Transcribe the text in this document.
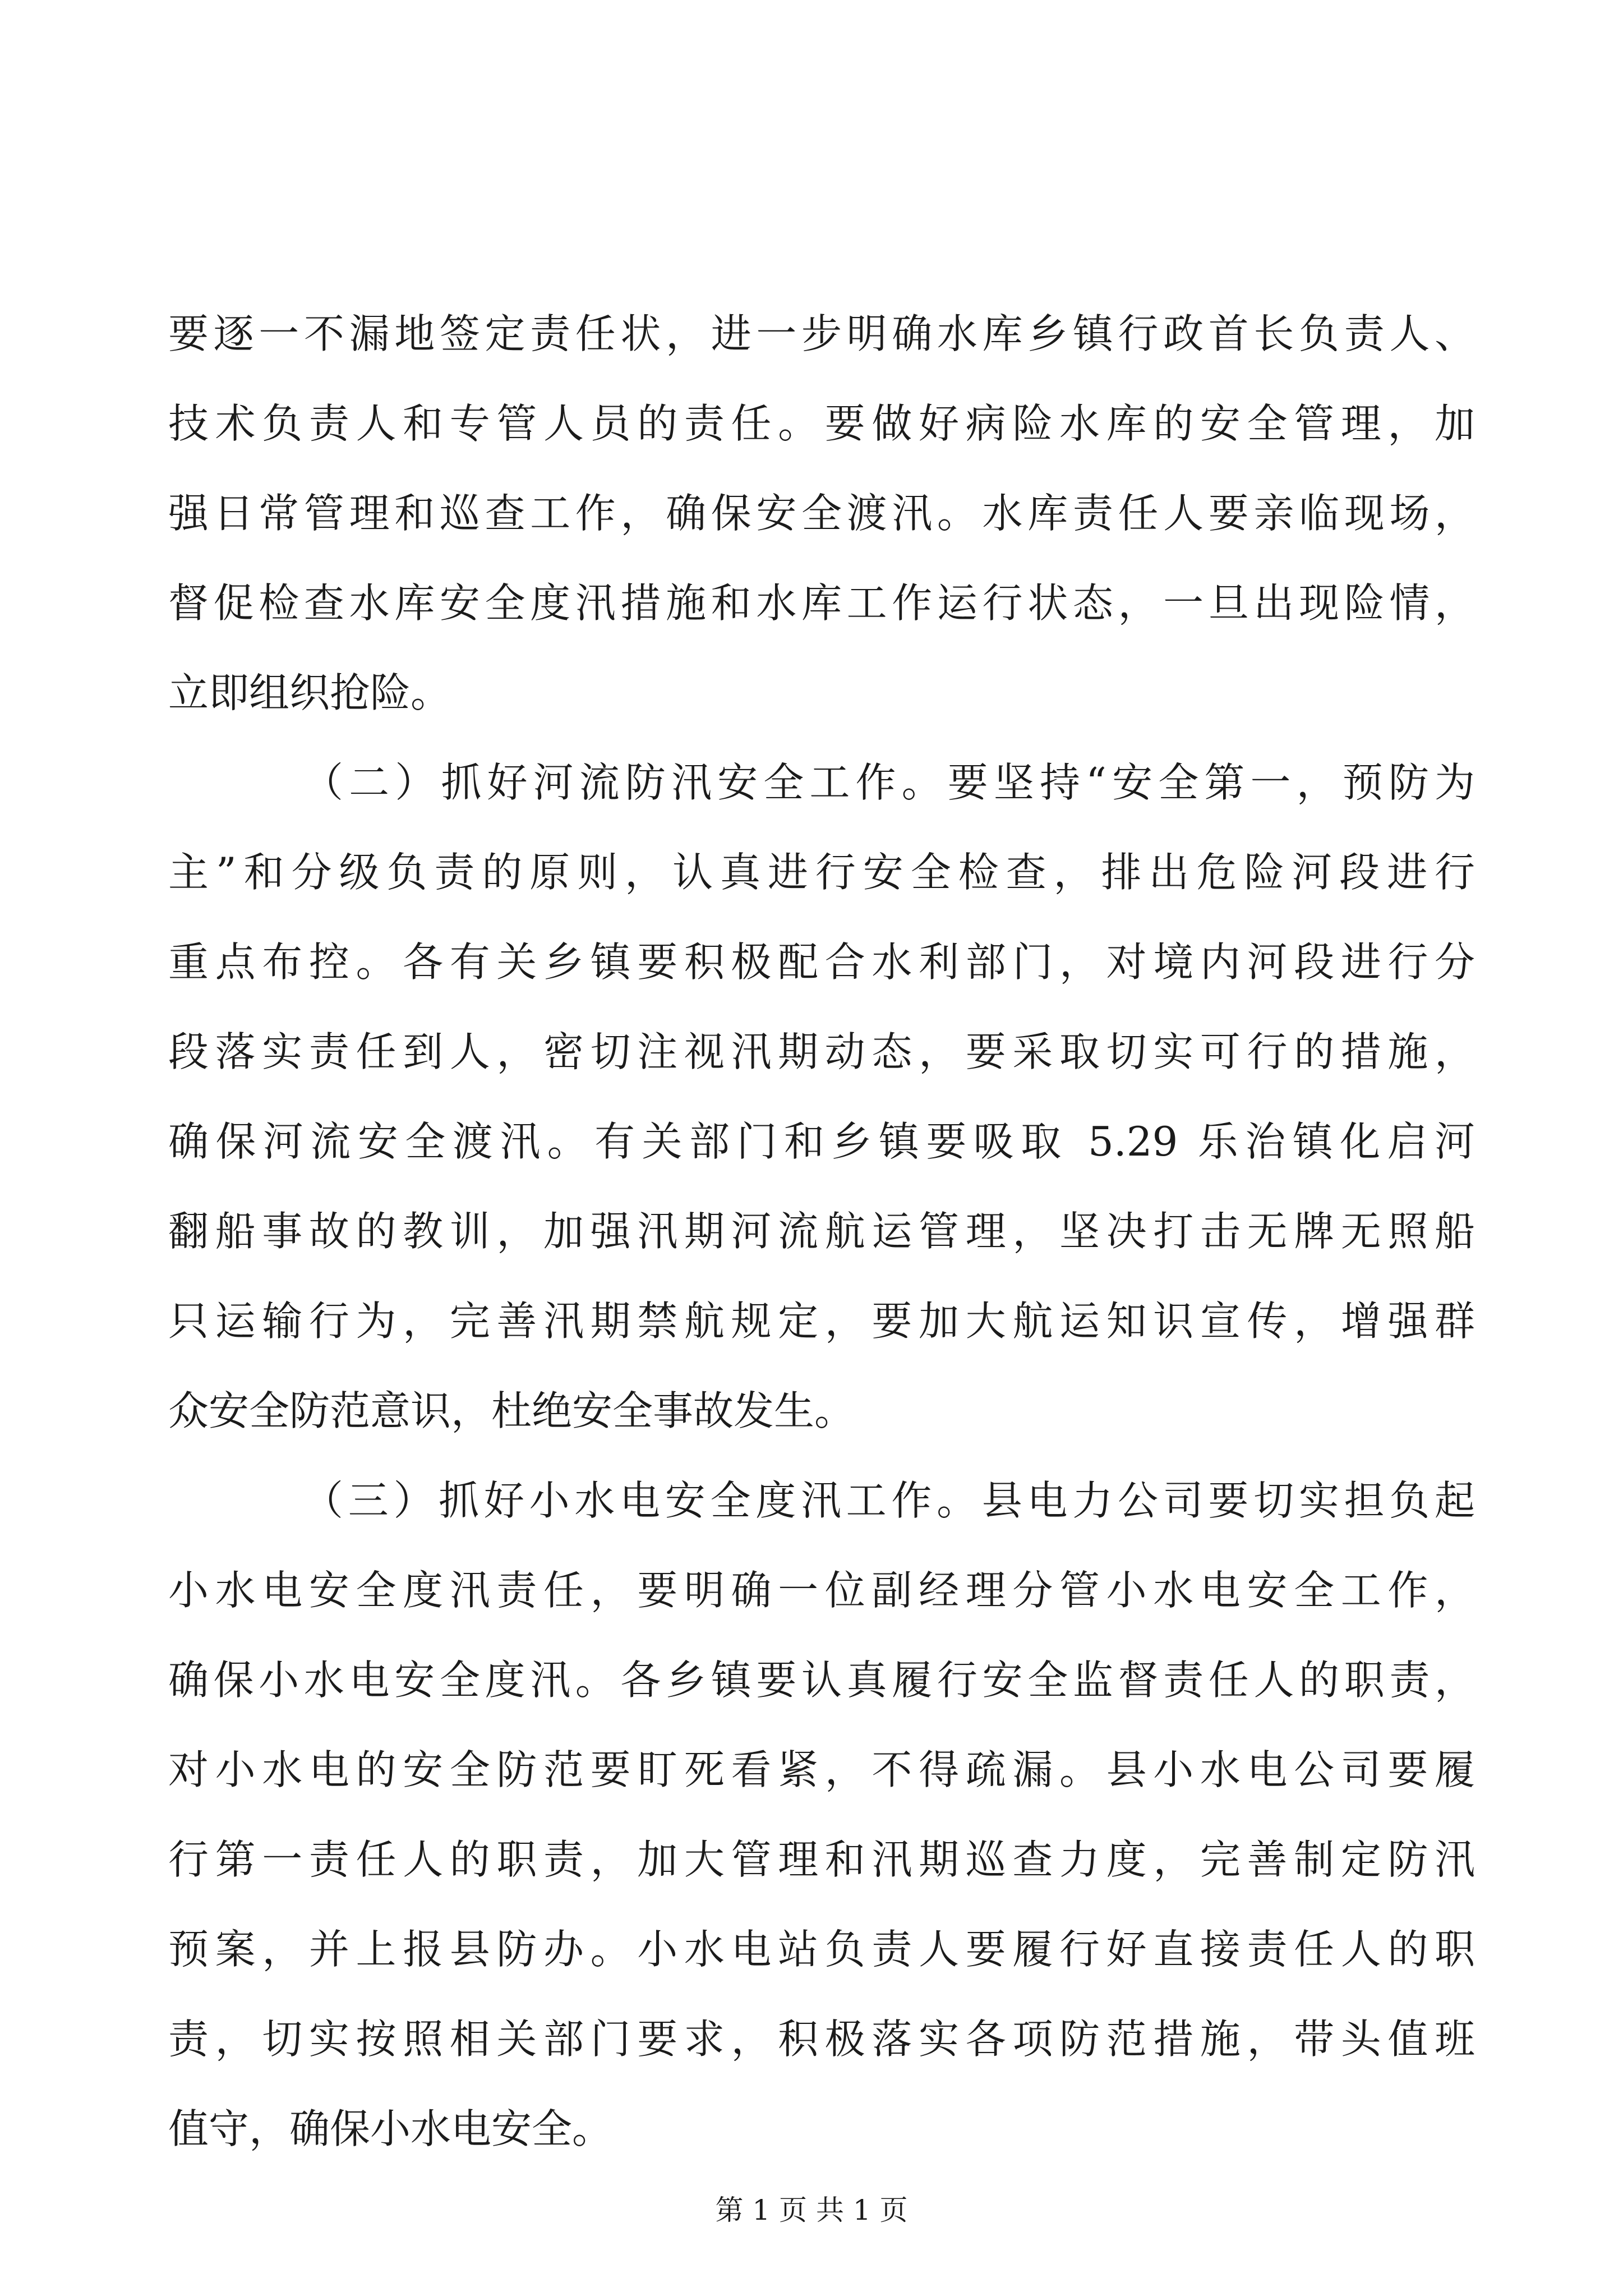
要逐一不漏地签定责任状，进一步明确水库乡镇行政首长负责人、
技术负责人和专管人员的责任。要做好病险水库的安全管理，加
强日常管理和巡查工作，确保安全渡汛。水库责任人要亲临现场，
督促检查水库安全度汛措施和水库工作运行状态，一旦出现险情，
立即组织抢险。
（二）抓好河流防汛安全工作。要坚持“安全第一，预防为
主”和分级负责的原则，认真进行安全检查，排出危险河段进行
重点布控。各有关乡镇要积极配合水利部门，对境内河段进行分
段落实责任到人，密切注视汛期动态，要采取切实可行的措施，
确保河流安全渡汛。有关部门和乡镇要吸取 5.29 乐治镇化启河
翻船事故的教训，加强汛期河流航运管理，坚决打击无牌无照船
只运输行为，完善汛期禁航规定，要加大航运知识宣传，增强群
众安全防范意识，杜绝安全事故发生。
（三）抓好小水电安全度汛工作。县电力公司要切实担负起
小水电安全度汛责任，要明确一位副经理分管小水电安全工作，
确保小水电安全度汛。各乡镇要认真履行安全监督责任人的职责，
对小水电的安全防范要盯死看紧，不得疏漏。县小水电公司要履
行第一责任人的职责，加大管理和汛期巡查力度，完善制定防汛
预案，并上报县防办。小水电站负责人要履行好直接责任人的职
责，切实按照相关部门要求，积极落实各项防范措施，带头值班
值守，确保小水电安全。
第 1 页 共 1 页
